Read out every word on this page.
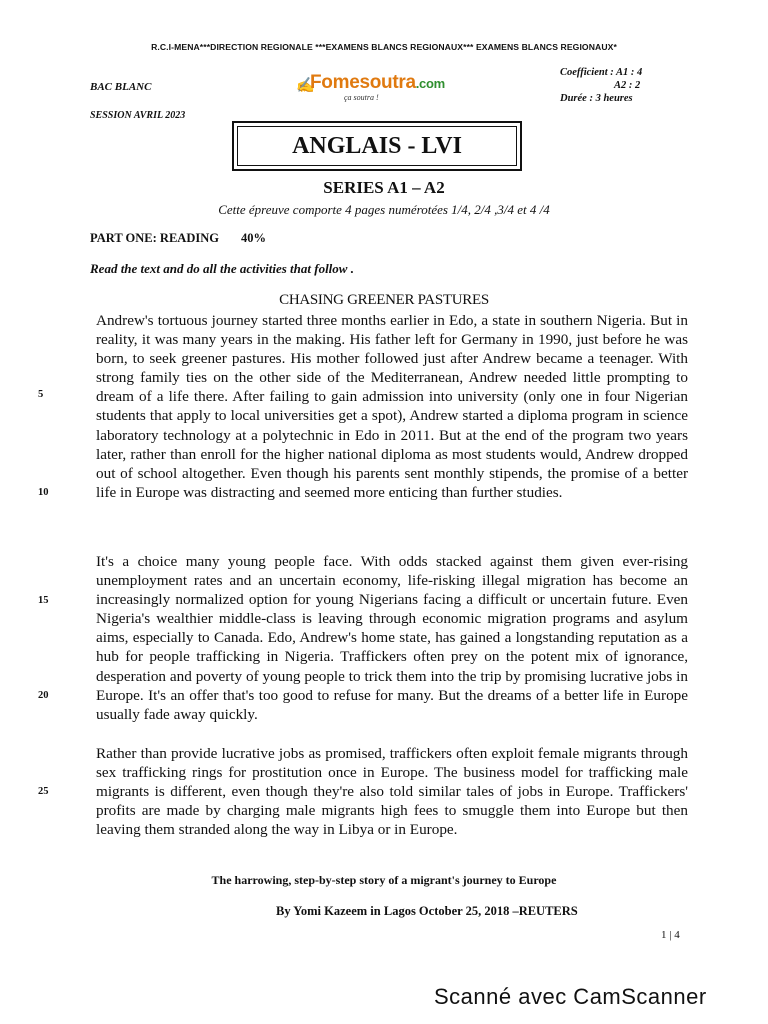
R.C.I-MENA***DIRECTION REGIONALE ***EXAMENS BLANCS REGIONAUX*** EXAMENS BLANCS REGIONAUX*
BAC BLANC
SESSION AVRIL 2023
✍
Fomesoutra.com
ça soutra !
Coefficient : A1 : 4
A2 : 2
Durée : 3 heures
ANGLAIS - LVI
SERIES A1 – A2
Cette épreuve comporte 4 pages numérotées 1/4, 2/4 ,3/4 et 4 /4
PART ONE: READING 40%
Read the text and do all the activities that follow .
CHASING GREENER PASTURES
Andrew's tortuous journey started three months earlier in Edo, a state in southern Nigeria. But in reality, it was many years in the making. His father left for Germany in 1990, just before he was born, to seek greener pastures. His mother followed just after Andrew became a teenager. With strong family ties on the other side of the Mediterranean, Andrew needed little prompting to dream of a life there. After failing to gain admission into university (only one in four Nigerian students that apply to local universities get a spot), Andrew started a diploma program in science laboratory technology at a polytechnic in Edo in 2011. But at the end of the program two years later, rather than enroll for the higher national diploma as most students would, Andrew dropped out of school altogether. Even though his parents sent monthly stipends, the promise of a better life in Europe was distracting and seemed more enticing than further studies.
It's a choice many young people face. With odds stacked against them given ever-rising unemployment rates and an uncertain economy, life-risking illegal migration has become an increasingly normalized option for young Nigerians facing a difficult or uncertain future. Even Nigeria's wealthier middle-class is leaving through economic migration programs and asylum aims, especially to Canada. Edo, Andrew's home state, has gained a longstanding reputation as a hub for people trafficking in Nigeria. Traffickers often prey on the potent mix of ignorance, desperation and poverty of young people to trick them into the trip by promising lucrative jobs in Europe. It's an offer that's too good to refuse for many. But the dreams of a better life in Europe usually fade away quickly.
Rather than provide lucrative jobs as promised, traffickers often exploit female migrants through sex trafficking rings for prostitution once in Europe. The business model for trafficking male migrants is different, even though they're also told similar tales of jobs in Europe. Traffickers' profits are made by charging male migrants high fees to smuggle them into Europe but then leaving them stranded along the way in Libya or in Europe.
5
10
15
20
25
The harrowing, step-by-step story of a migrant's journey to Europe
By Yomi Kazeem in Lagos October 25, 2018 –REUTERS
1 | 4
Scanné avec CamScanner
